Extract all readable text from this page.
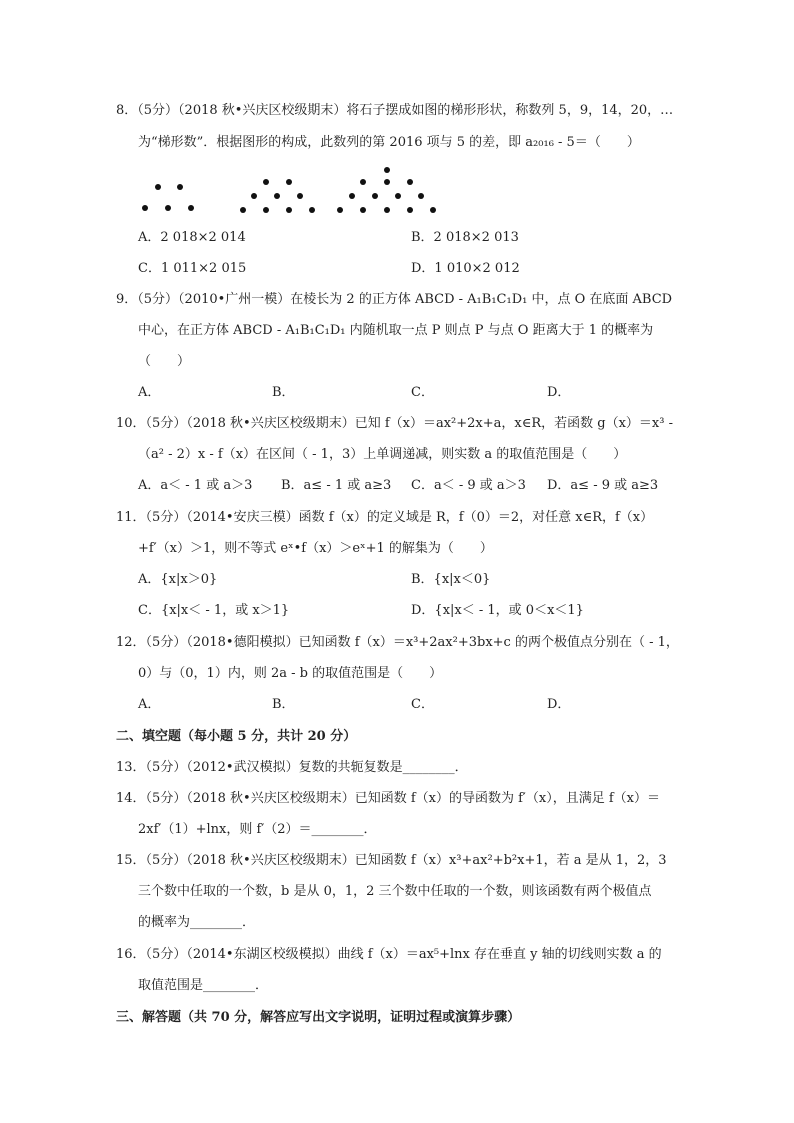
8．（5分）（2018 秋•兴庆区校级期末）将石子摆成如图的梯形形状，称数列 5，9，14，20，…
为“梯形数”．根据图形的构成，此数列的第 2016 项与 5 的差，即 a₂₀₁₆ - 5＝（　　）
A．2 018×2 014	B．2 018×2 013
C．1 011×2 015	D．1 010×2 012
9．（5分）（2010•广州一模）在棱长为 2 的正方体 ABCD - A₁B₁C₁D₁ 中，点 O 在底面 ABCD
中心，在正方体 ABCD - A₁B₁C₁D₁ 内随机取一点 P 则点 P 与点 O 距离大于 1 的概率为
（　　）
A．	B．	C．	D．
10．（5分）（2018 秋•兴庆区校级期末）已知 f（x）＝ax²+2x+a，x∈R，若函数 g（x）＝x³ -
（a² - 2）x - f（x）在区间（ - 1，3）上单调递减，则实数 a 的取值范围是（　　）
A．a＜ - 1 或 a＞3 B．a≤ - 1 或 a≥3 C．a＜ - 9 或 a＞3 D．a≤ - 9 或 a≥3
11．（5分）（2014•安庆三模）函数 f（x）的定义域是 R，f（0）＝2，对任意 x∈R，f（x）
+f′（x）＞1，则不等式 eˣ•f（x）＞eˣ+1 的解集为（　　）
A．{x|x＞0}	B．{x|x＜0}
C．{x|x＜ - 1，或 x＞1}	D．{x|x＜ - 1，或 0＜x＜1}
12．（5分）（2018•德阳模拟）已知函数 f（x）＝x³+2ax²+3bx+c 的两个极值点分别在（ - 1，
0）与（0，1）内，则 2a - b 的取值范围是（　　）
A．	B．	C．	D．
二、填空题（每小题 5 分，共计 20 分）
13．（5分）（2012•武汉模拟）复数的共轭复数是________．
14．（5分）（2018 秋•兴庆区校级期末）已知函数 f（x）的导函数为 f′（x），且满足 f（x）＝
2xf′（1）+lnx，则 f′（2）＝________．
15．（5分）（2018 秋•兴庆区校级期末）已知函数 f（x）x³+ax²+b²x+1，若 a 是从 1，2，3
三个数中任取的一个数，b 是从 0，1，2 三个数中任取的一个数，则该函数有两个极值点
的概率为________．
16．（5分）（2014•东湖区校级模拟）曲线 f（x）＝ax⁵+lnx 存在垂直 y 轴的切线则实数 a 的
取值范围是________．
三、解答题（共 70 分，解答应写出文字说明，证明过程或演算步骤）
